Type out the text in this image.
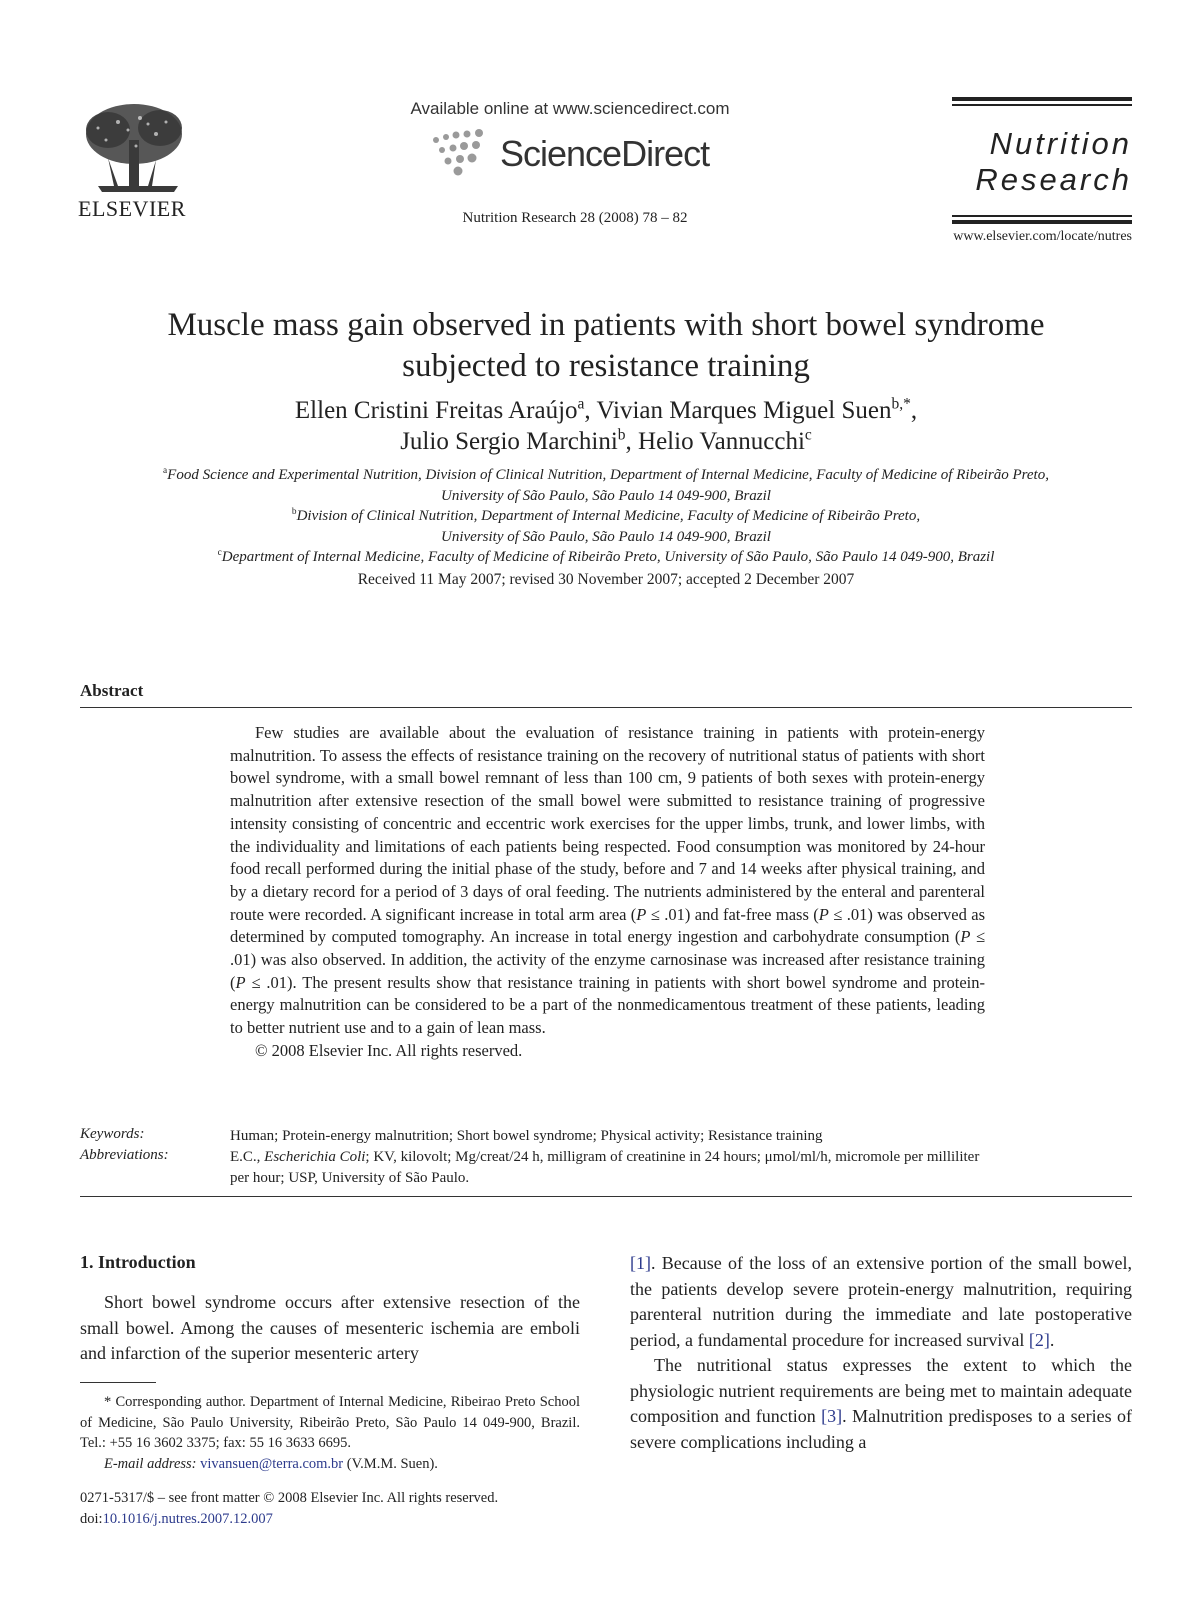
ELSEVIER
Available online at www.sciencedirect.com
ScienceDirect
Nutrition Research 28 (2008) 78 – 82
Nutrition
Research
www.elsevier.com/locate/nutres
Muscle mass gain observed in patients with short bowel syndrome
subjected to resistance training
Ellen Cristini Freitas Araújo$^a$, Vivian Marques Miguel Suen$^{b,*}$,
Julio Sergio Marchini$^b$, Helio Vannucchi$^c$
$^a$Food Science and Experimental Nutrition, Division of Clinical Nutrition, Department of Internal Medicine, Faculty of Medicine of Ribeirão Preto,
University of São Paulo, São Paulo 14 049-900, Brazil
$^b$Division of Clinical Nutrition, Department of Internal Medicine, Faculty of Medicine of Ribeirão Preto,
University of São Paulo, São Paulo 14 049-900, Brazil
$^c$Department of Internal Medicine, Faculty of Medicine of Ribeirão Preto, University of São Paulo, São Paulo 14 049-900, Brazil
Received 11 May 2007; revised 30 November 2007; accepted 2 December 2007
Abstract

Few studies are available about the evaluation of resistance training in patients with protein-energy malnutrition. To assess the effects of resistance training on the recovery of nutritional status of patients with short bowel syndrome, with a small bowel remnant of less than 100 cm, 9 patients of both sexes with protein-energy malnutrition after extensive resection of the small bowel were submitted to resistance training of progressive intensity consisting of concentric and eccentric work exercises for the upper limbs, trunk, and lower limbs, with the individuality and limitations of each patients being respected. Food consumption was monitored by 24-hour food recall performed during the initial phase of the study, before and 7 and 14 weeks after physical training, and by a dietary record for a period of 3 days of oral feeding. The nutrients administered by the enteral and parenteral route were recorded. A significant increase in total arm area (P ≤ .01) and fat-free mass (P ≤ .01) was observed as determined by computed tomography. An increase in total energy ingestion and carbohydrate consumption (P ≤ .01) was also observed. In addition, the activity of the enzyme carnosinase was increased after resistance training (P ≤ .01). The present results show that resistance training in patients with short bowel syndrome and protein-energy malnutrition can be considered to be a part of the nonmedicamentous treatment of these patients, leading to better nutrient use and to a gain of lean mass.

© 2008 Elsevier Inc. All rights reserved.

Keywords:	Human; Protein-energy malnutrition; Short bowel syndrome; Physical activity; Resistance training
Abbreviations:	E.C., Escherichia Coli; KV, kilovolt; Mg/creat/24 h, milligram of creatinine in 24 hours; μmol/ml/h, micromole per milliliter per hour; USP, University of São Paulo.
1. Introduction

Short bowel syndrome occurs after extensive resection of the small bowel. Among the causes of mesenteric ischemia are emboli and infarction of the superior mesenteric artery

[1]. Because of the loss of an extensive portion of the small bowel, the patients develop severe protein-energy malnutrition, requiring parenteral nutrition during the immediate and late postoperative period, a fundamental procedure for increased survival [2].

The nutritional status expresses the extent to which the physiologic nutrient requirements are being met to maintain adequate composition and function [3]. Malnutrition predisposes to a series of severe complications including a

* Corresponding author. Department of Internal Medicine, Ribeirao Preto School of Medicine, São Paulo University, Ribeirão Preto, São Paulo 14 049-900, Brazil. Tel.: +55 16 3602 3375; fax: 55 16 3633 6695.

E-mail address: vivansuen@terra.com.br (V.M.M. Suen).

0271-5317/$ – see front matter © 2008 Elsevier Inc. All rights reserved.
doi:10.1016/j.nutres.2007.12.007
